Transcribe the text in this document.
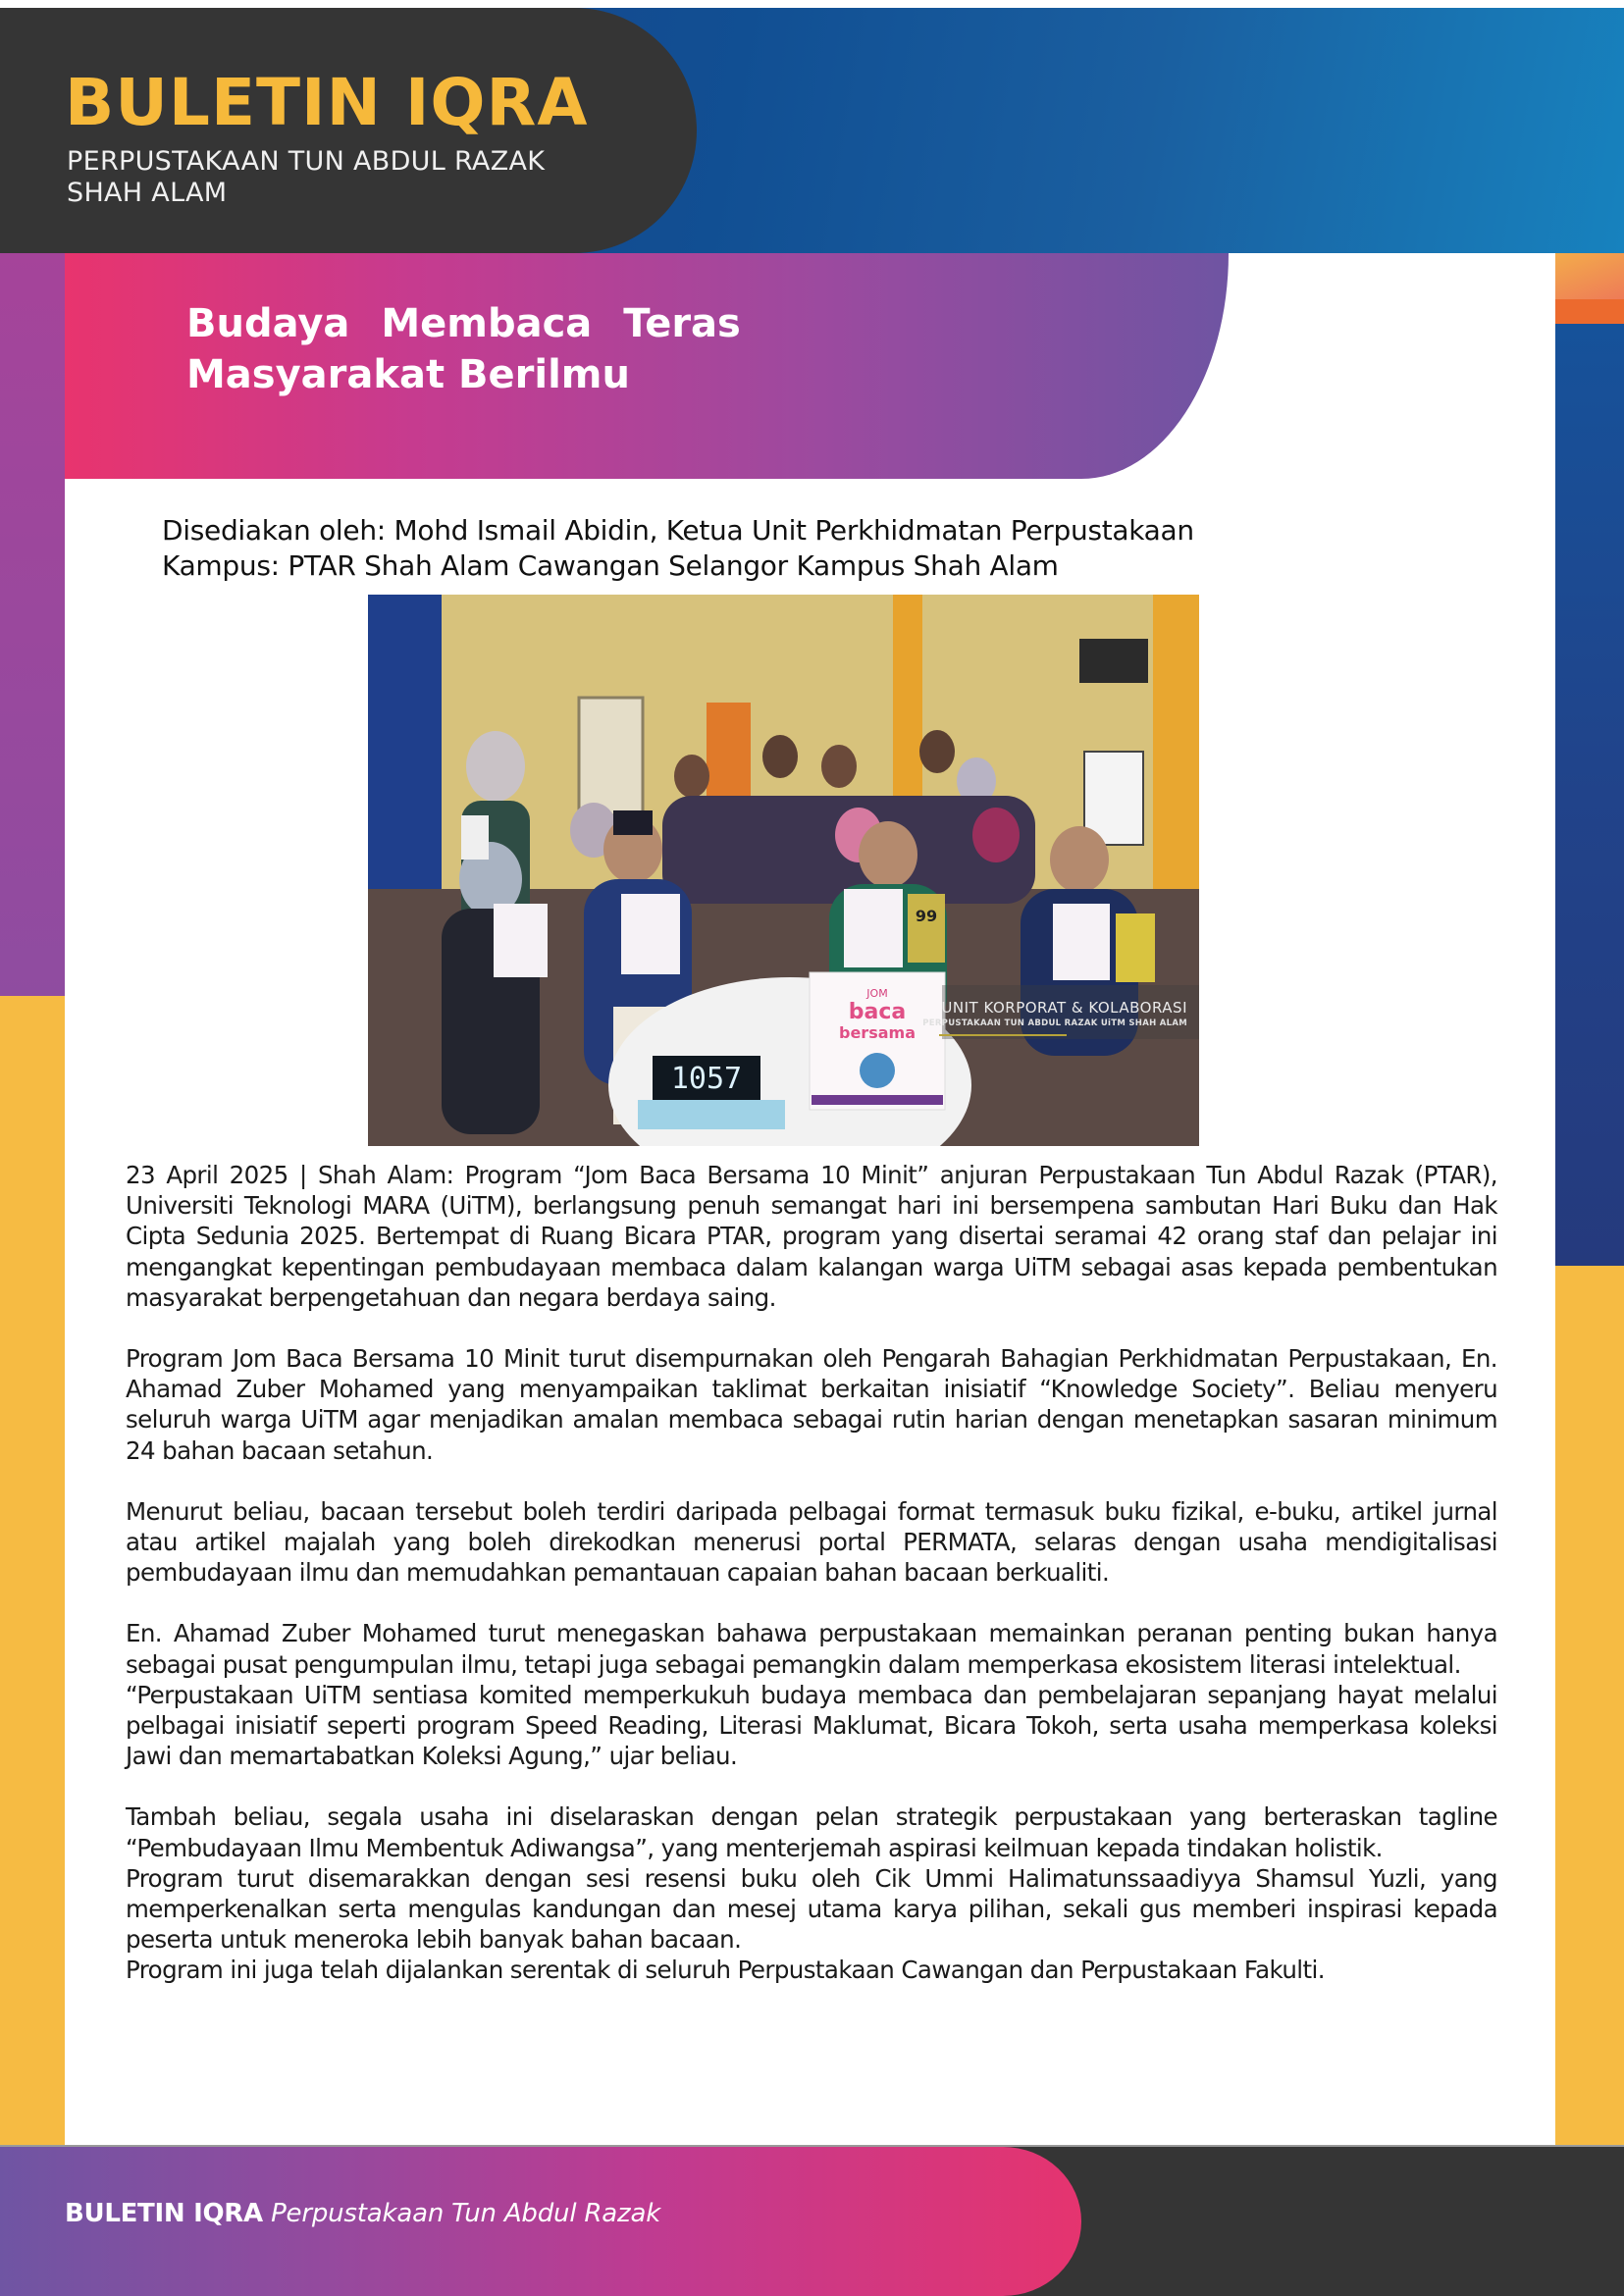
BULETIN IQRA

PERPUSTAKAAN TUN ABDUL RAZAK

SHAH ALAM

Budaya Membaca Teras
Masyarakat Berilmu

Disediakan oleh: Mohd Ismail Abidin, Ketua Unit Perkhidmatan Perpustakaan

Kampus: PTAR Shah Alam Cawangan Selangor Kampus Shah Alam

99
JOM
baca
bersama
1057

UNIT KORPORAT & KOLABORASI

PERPUSTAKAAN TUN ABDUL RAZAK UiTM SHAH ALAM

23 April 2025 | Shah Alam: Program “Jom Baca Bersama 10 Minit” anjuran Perpustakaan Tun Abdul Razak (PTAR), Universiti Teknologi MARA (UiTM), berlangsung penuh semangat hari ini bersempena sambutan Hari Buku dan Hak Cipta Sedunia 2025. Bertempat di Ruang Bicara PTAR, program yang disertai seramai 42 orang staf dan pelajar ini mengangkat kepentingan pembudayaan membaca dalam kalangan warga UiTM sebagai asas kepada pembentukan masyarakat berpengetahuan dan negara berdaya saing.

Program Jom Baca Bersama 10 Minit turut disempurnakan oleh Pengarah Bahagian Perkhidmatan Perpustakaan, En. Ahamad Zuber Mohamed yang menyampaikan taklimat berkaitan inisiatif “Knowledge Society”. Beliau menyeru seluruh warga UiTM agar menjadikan amalan membaca sebagai rutin harian dengan menetapkan sasaran minimum 24 bahan bacaan setahun.

Menurut beliau, bacaan tersebut boleh terdiri daripada pelbagai format termasuk buku fizikal, e-buku, artikel jurnal atau artikel majalah yang boleh direkodkan menerusi portal PERMATA, selaras dengan usaha mendigitalisasi pembudayaan ilmu dan memudahkan pemantauan capaian bahan bacaan berkualiti.

En. Ahamad Zuber Mohamed turut menegaskan bahawa perpustakaan memainkan peranan penting bukan hanya sebagai pusat pengumpulan ilmu, tetapi juga sebagai pemangkin dalam memperkasa ekosistem literasi intelektual.

“Perpustakaan UiTM sentiasa komited memperkukuh budaya membaca dan pembelajaran sepanjang hayat melalui pelbagai inisiatif seperti program Speed Reading, Literasi Maklumat, Bicara Tokoh, serta usaha memperkasa koleksi Jawi dan memartabatkan Koleksi Agung,” ujar beliau.

Tambah beliau, segala usaha ini diselaraskan dengan pelan strategik perpustakaan yang berteraskan tagline “Pembudayaan Ilmu Membentuk Adiwangsa”, yang menterjemah aspirasi keilmuan kepada tindakan holistik.

Program turut disemarakkan dengan sesi resensi buku oleh Cik Ummi Halimatunssaadiyya Shamsul Yuzli, yang memperkenalkan serta mengulas kandungan dan mesej utama karya pilihan, sekali gus memberi inspirasi kepada peserta untuk meneroka lebih banyak bahan bacaan.

Program ini juga telah dijalankan serentak di seluruh Perpustakaan Cawangan dan Perpustakaan Fakulti.

BULETIN IQRA Perpustakaan Tun Abdul Razak
